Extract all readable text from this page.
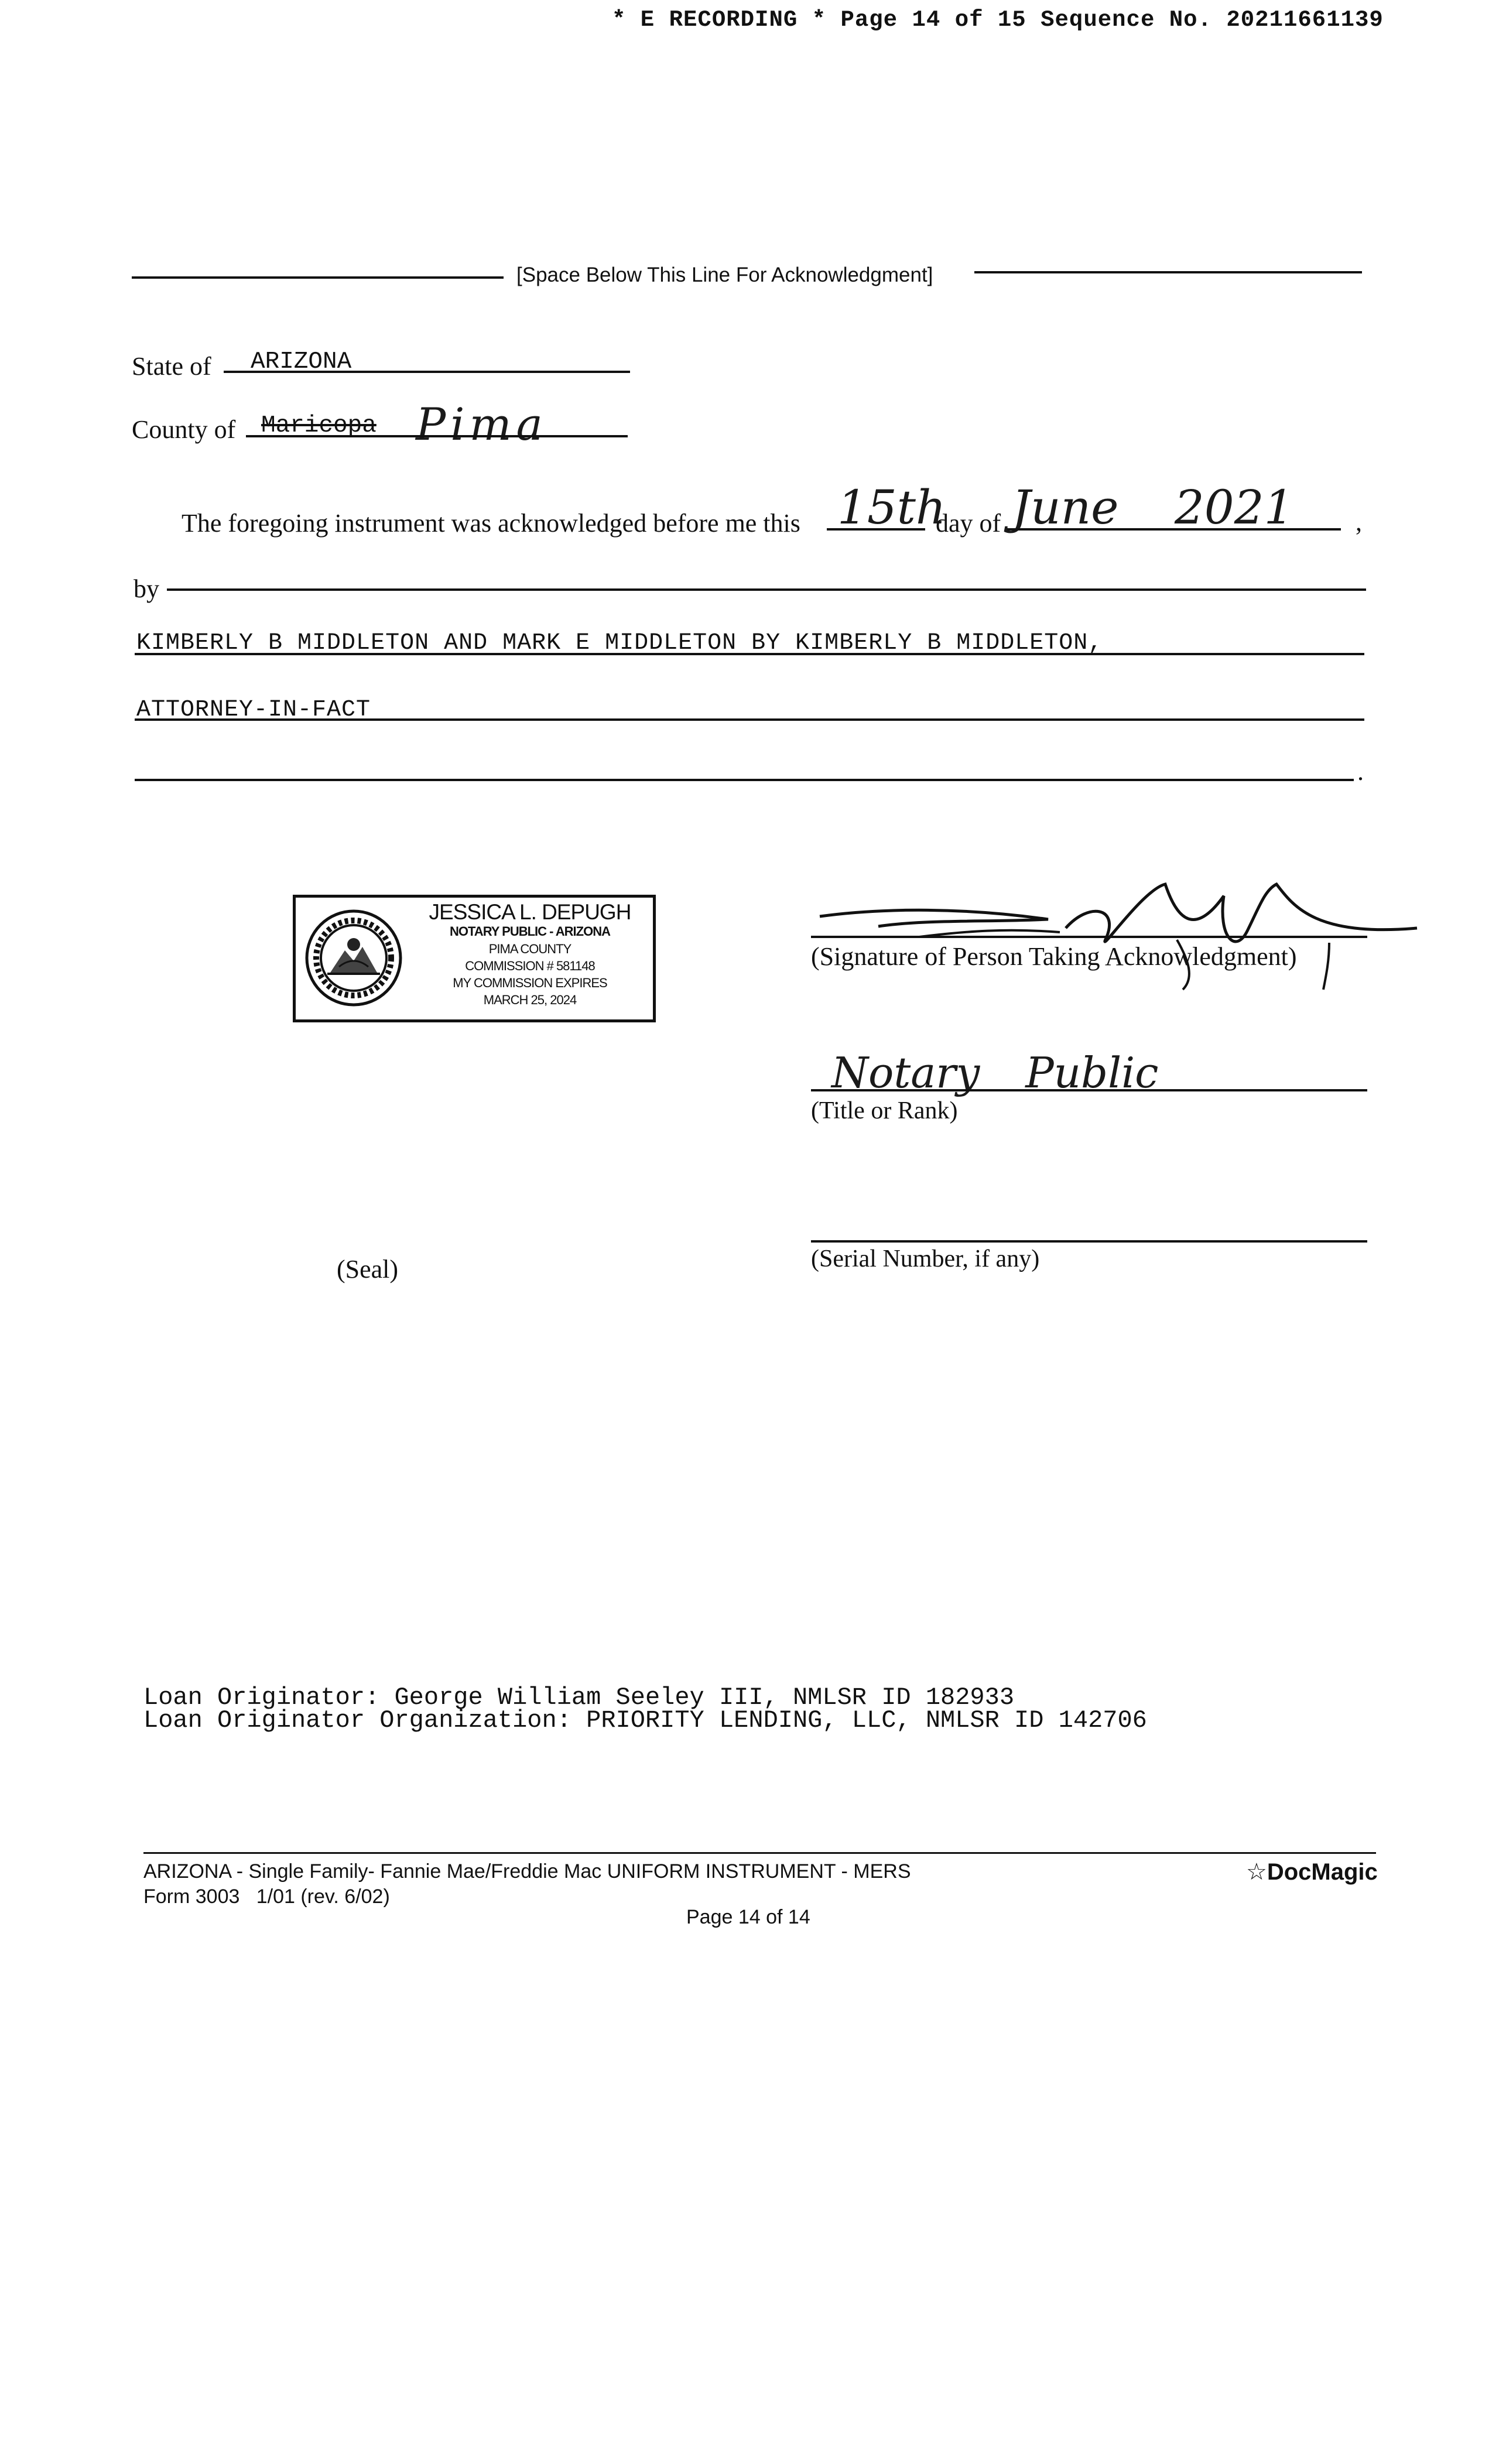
* E RECORDING * Page 14 of 15 Sequence No. 20211661139
[Space Below This Line For Acknowledgment]
State of ARIZONA
County of Maricopa Pima
The foregoing instrument was acknowledged before me this 15th
day of June 2021 ,
by
KIMBERLY B MIDDLETON AND MARK E MIDDLETON BY KIMBERLY B MIDDLETON,
ATTORNEY-IN-FACT
.
JESSICA L. DEPUGH
NOTARY PUBLIC - ARIZONA
PIMA COUNTY
COMMISSION # 581148
MY COMMISSION EXPIRES
MARCH 25, 2024
(Signature of Person Taking Acknowledgment)
Notary Public
(Title or Rank)
(Serial Number, if any)
(Seal)
Loan Originator: George William Seeley III, NMLSR ID 182933
Loan Originator Organization: PRIORITY LENDING, LLC, NMLSR ID 142706
ARIZONA - Single Family- Fannie Mae/Freddie Mac UNIFORM INSTRUMENT - MERS
Form 3003   1/01 (rev. 6/02)
Page 14 of 14
☆DocMagic
